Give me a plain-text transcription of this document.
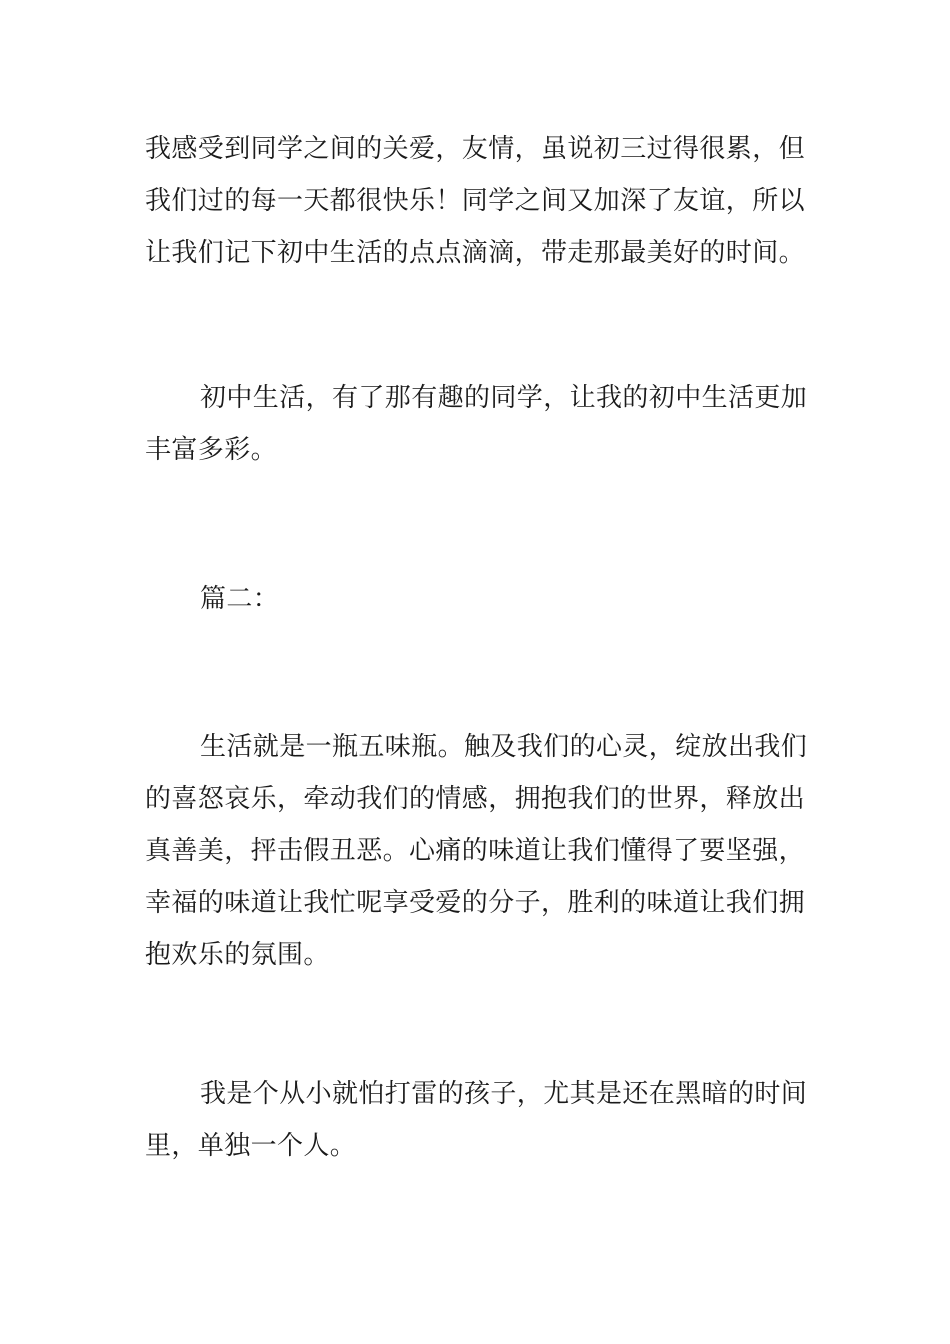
我感受到同学之间的关爱，友情，虽说初三过得很累，但
我们过的每一天都很快乐！同学之间又加深了友谊，所以
让我们记下初中生活的点点滴滴，带走那最美好的时间。

初中生活，有了那有趣的同学，让我的初中生活更加
丰富多彩。

篇二：

生活就是一瓶五味瓶。触及我们的心灵，绽放出我们
的喜怒哀乐，牵动我们的情感，拥抱我们的世界，释放出
真善美，抨击假丑恶。心痛的味道让我们懂得了要坚强，
幸福的味道让我忙呢享受爱的分子，胜利的味道让我们拥
抱欢乐的氛围。

我是个从小就怕打雷的孩子，尤其是还在黑暗的时间
里，单独一个人。
